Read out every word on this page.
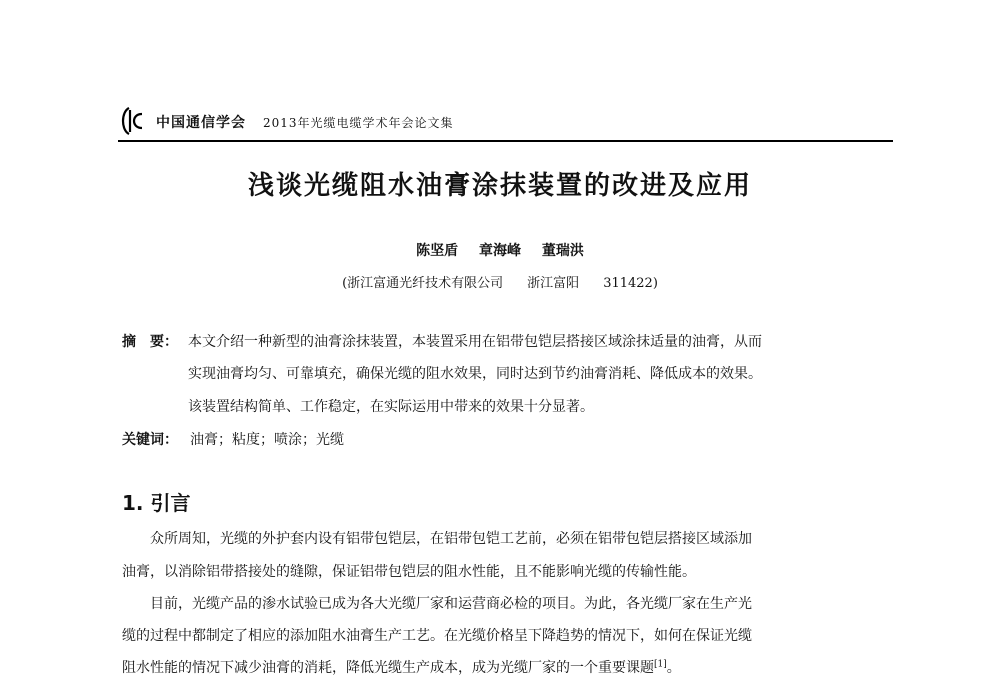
中国通信学会 2013年光缆电缆学术年会论文集
浅谈光缆阻水油膏涂抹装置的改进及应用
陈坚盾 章海峰 董瑞洪
(浙江富通光纤技术有限公司 浙江富阳 311422)
摘　要： 本文介绍一种新型的油膏涂抹装置，本装置采用在铝带包铠层搭接区域涂抹适量的油膏，从而
实现油膏均匀、可靠填充，确保光缆的阻水效果，同时达到节约油膏消耗、降低成本的效果。
该装置结构简单、工作稳定，在实际运用中带来的效果十分显著。
关键词： 油膏；粘度；喷涂；光缆
1. 引言
众所周知，光缆的外护套内设有铝带包铠层，在铝带包铠工艺前，必须在铝带包铠层搭接区域添加
油膏，以消除铝带搭接处的缝隙，保证铝带包铠层的阻水性能，且不能影响光缆的传输性能。
目前，光缆产品的渗水试验已成为各大光缆厂家和运营商必检的项目。为此，各光缆厂家在生产光
缆的过程中都制定了相应的添加阻水油膏生产工艺。在光缆价格呈下降趋势的情况下，如何在保证光缆
阻水性能的情况下减少油膏的消耗，降低光缆生产成本，成为光缆厂家的一个重要课题[1]。
